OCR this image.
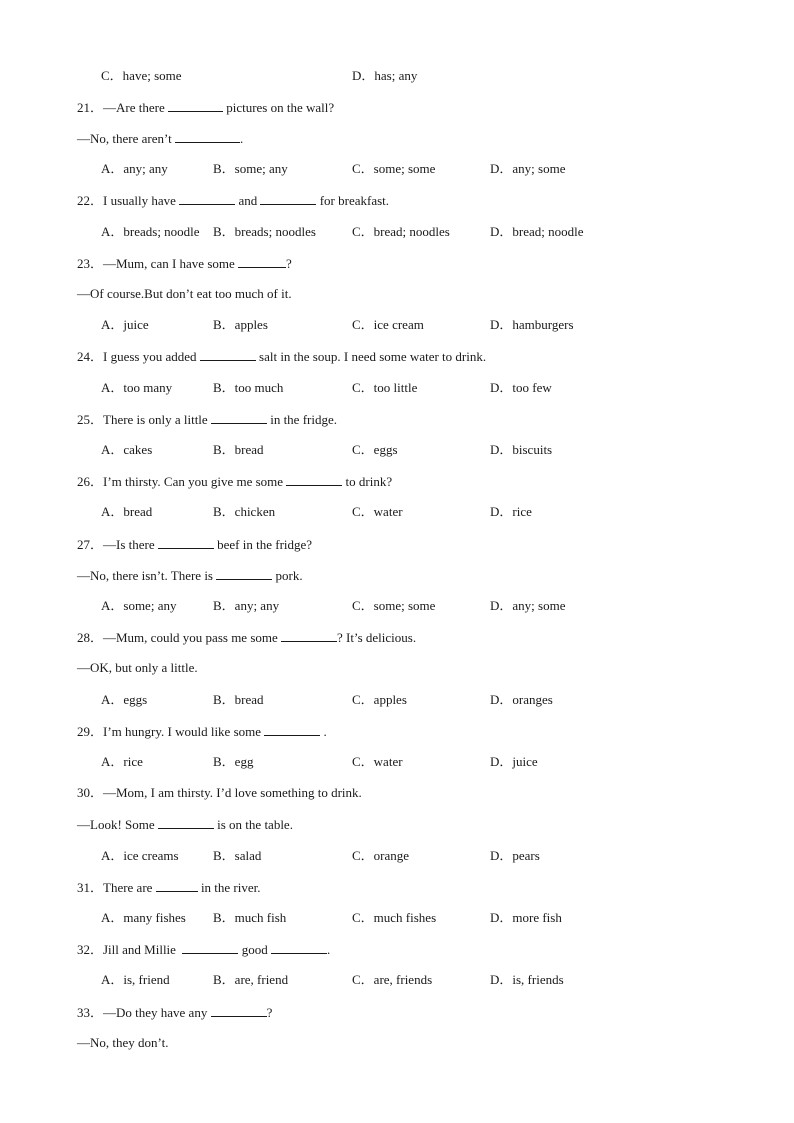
C．have; some	D．has; any
21．—Are there	pictures on the wall?
—No, there aren’t	.
A．any; any	B．some; any	C．some; some	D．any; some
22．I usually have	and	for breakfast.
A．breads; noodle B．breads; noodles	C．bread; noodles	D．bread; noodle
23．—Mum, can I have some	?
—Of course.But don’t eat too much of it.
A．juice	B．apples	C．ice cream	D．hamburgers
24．I guess you added	salt in the soup. I need some water to drink.
A．too many	B．too much	C．too little	D．too few
25．There is only a little	in the fridge.
A．cakes	B．bread	C．eggs	D．biscuits
26．I’m thirsty. Can you give me some	to drink?
A．bread	B．chicken	C．water	D．rice
27．—Is there	beef in the fridge?
—No, there isn’t. There is	pork.
A．some; any	B．any; any	C．some; some	D．any; some
28．—Mum, could you pass me some	? It’s delicious.
—OK, but only a little.
A．eggs	B．bread	C．apples	D．oranges
29．I’m hungry. I would like some	.
A．rice	B．egg	C．water	D．juice
30．—Mom, I am thirsty. I’d love something to drink.
—Look! Some	is on the table.
A．ice creams	B．salad	C．orange	D．pears
31．There are	in the river.
A．many fishes B．much fish	C．much fishes	D．more fish
32．Jill and Millie	good	.
A．is, friend	B．are, friend	C．are, friends	D．is, friends
33．—Do they have any	?
—No, they don’t.
